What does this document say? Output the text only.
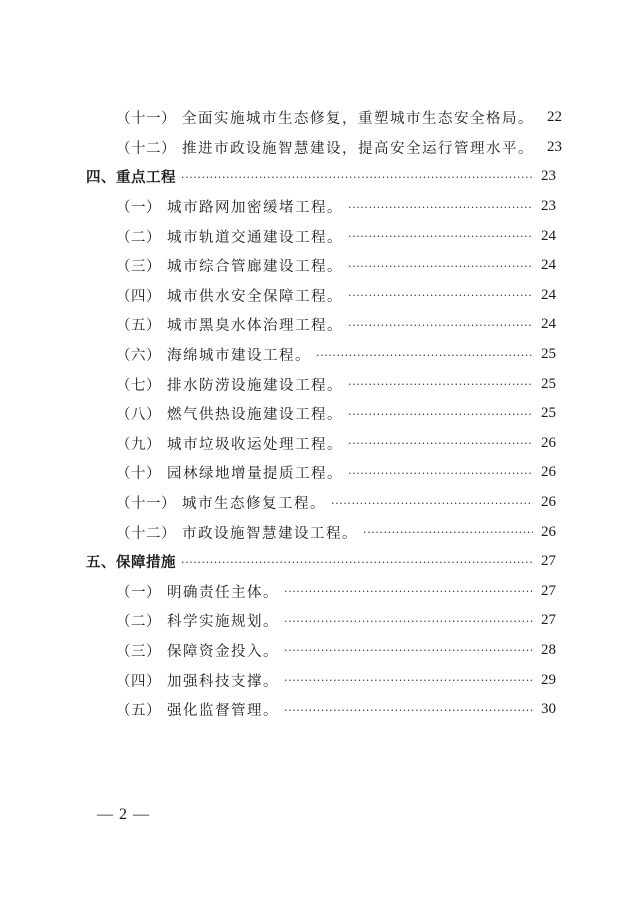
（十一） 全面实施城市生态修复，重塑城市生态安全格局。 22
（十二） 推进市政设施智慧建设，提高安全运行管理水平。 23
四、重点工程 ·····	23
（一） 城市路网加密缓堵工程。 ·····	23
（二） 城市轨道交通建设工程。 ·····	24
（三） 城市综合管廊建设工程。 ·····	24
（四） 城市供水安全保障工程。 ·····	24
（五） 城市黑臭水体治理工程。 ·····	24
（六） 海绵城市建设工程。 ·····	25
（七） 排水防涝设施建设工程。 ·····	25
（八） 燃气供热设施建设工程。 ·····	25
（九） 城市垃圾收运处理工程。 ·····	26
（十） 园林绿地增量提质工程。 ·····	26
（十一） 城市生态修复工程。 ·····	26
（十二） 市政设施智慧建设工程。 ·····	26
五、保障措施 ·····	27
（一） 明确责任主体。 ·····	27
（二） 科学实施规划。 ·····	27
（三） 保障资金投入。 ·····	28
（四） 加强科技支撑。 ·····	29
（五） 强化监督管理。 ·····	30
— 2 —
